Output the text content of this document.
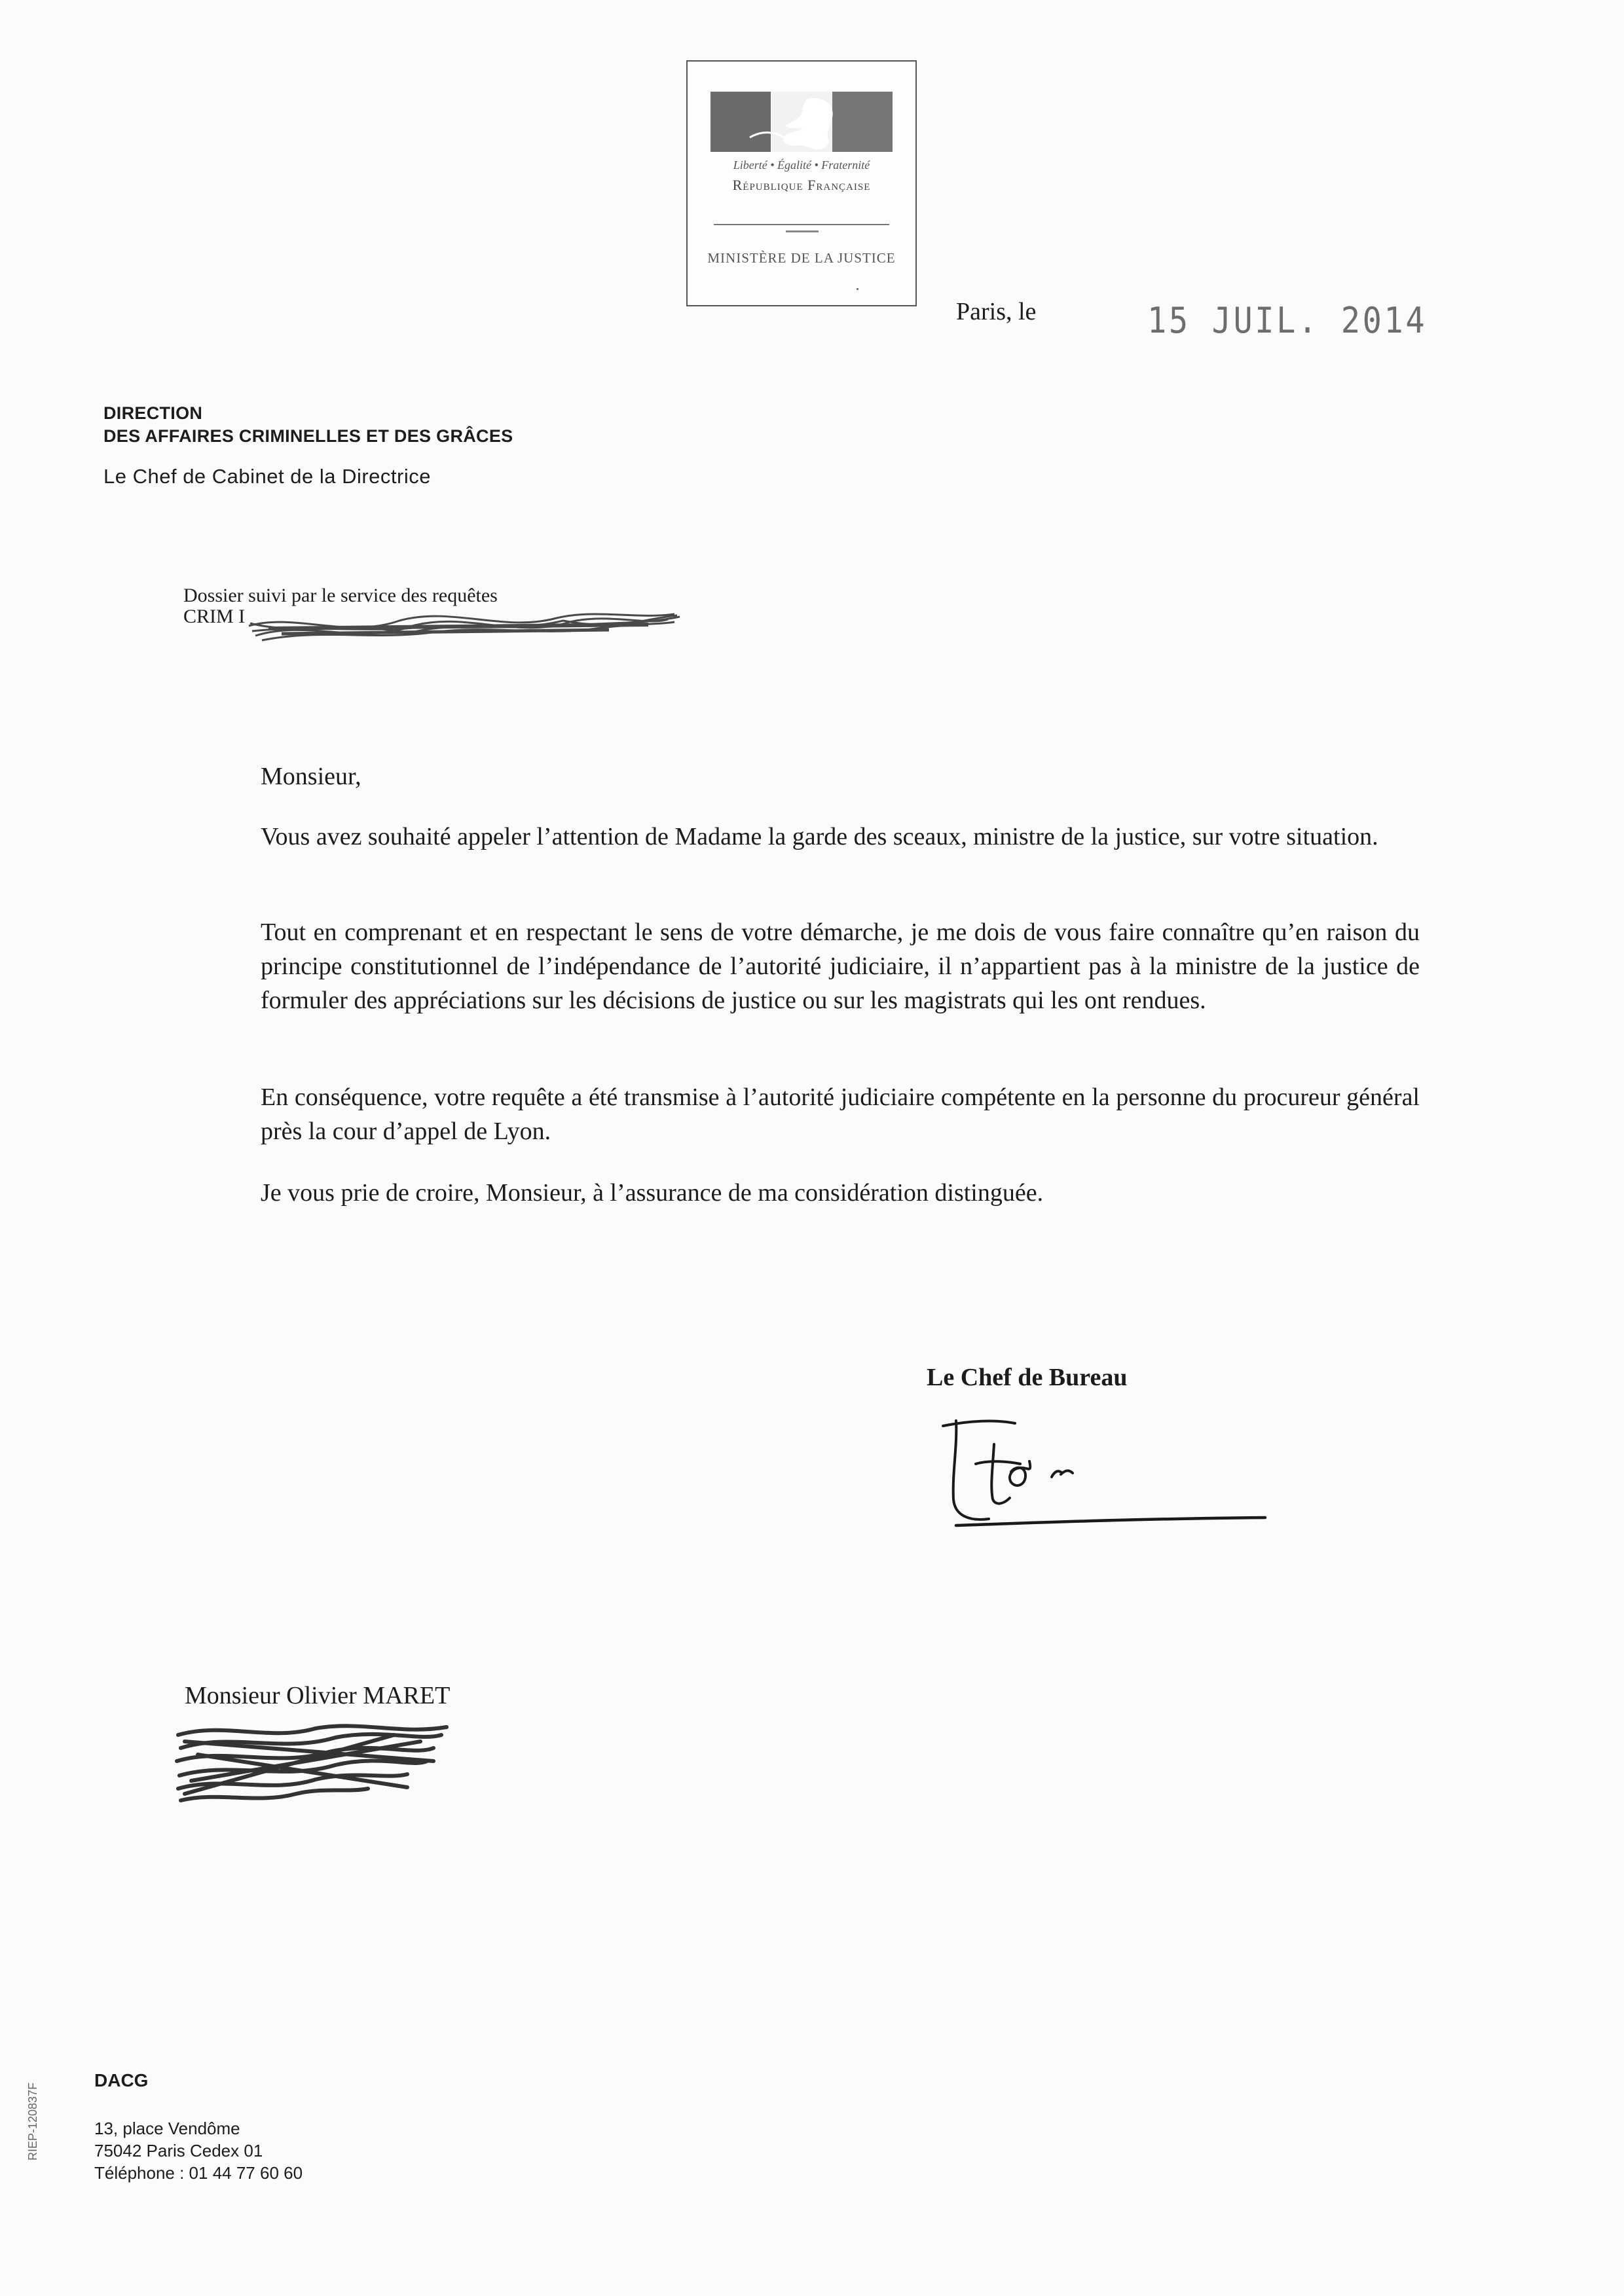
Liberté • Égalité • Fraternité
République Française
MINISTÈRE DE LA JUSTICE
Paris, le	15 JUIL. 2014
DIRECTION
DES AFFAIRES CRIMINELLES ET DES GRÂCES
Le Chef de Cabinet de la Directrice
Dossier suivi par le service des requêtes
CRIM I
Monsieur,
Vous avez souhaité appeler l’attention de Madame la garde des sceaux, ministre de la justice, sur votre situation.
Tout en comprenant et en respectant le sens de votre démarche, je me dois de vous faire connaître qu’en raison du principe constitutionnel de l’indépendance de l’autorité judiciaire, il n’appartient pas à la ministre de la justice de formuler des appréciations sur les décisions de justice ou sur les magistrats qui les ont rendues.
En conséquence, votre requête a été transmise à l’autorité judiciaire compétente en la personne du procureur général près la cour d’appel de Lyon.
Je vous prie de croire, Monsieur, à l’assurance de ma considération distinguée.
Le Chef de Bureau
Monsieur Olivier MARET
DACG
13, place Vendôme
75042 Paris Cedex 01
Téléphone : 01 44 77 60 60
RIEP-120837F
